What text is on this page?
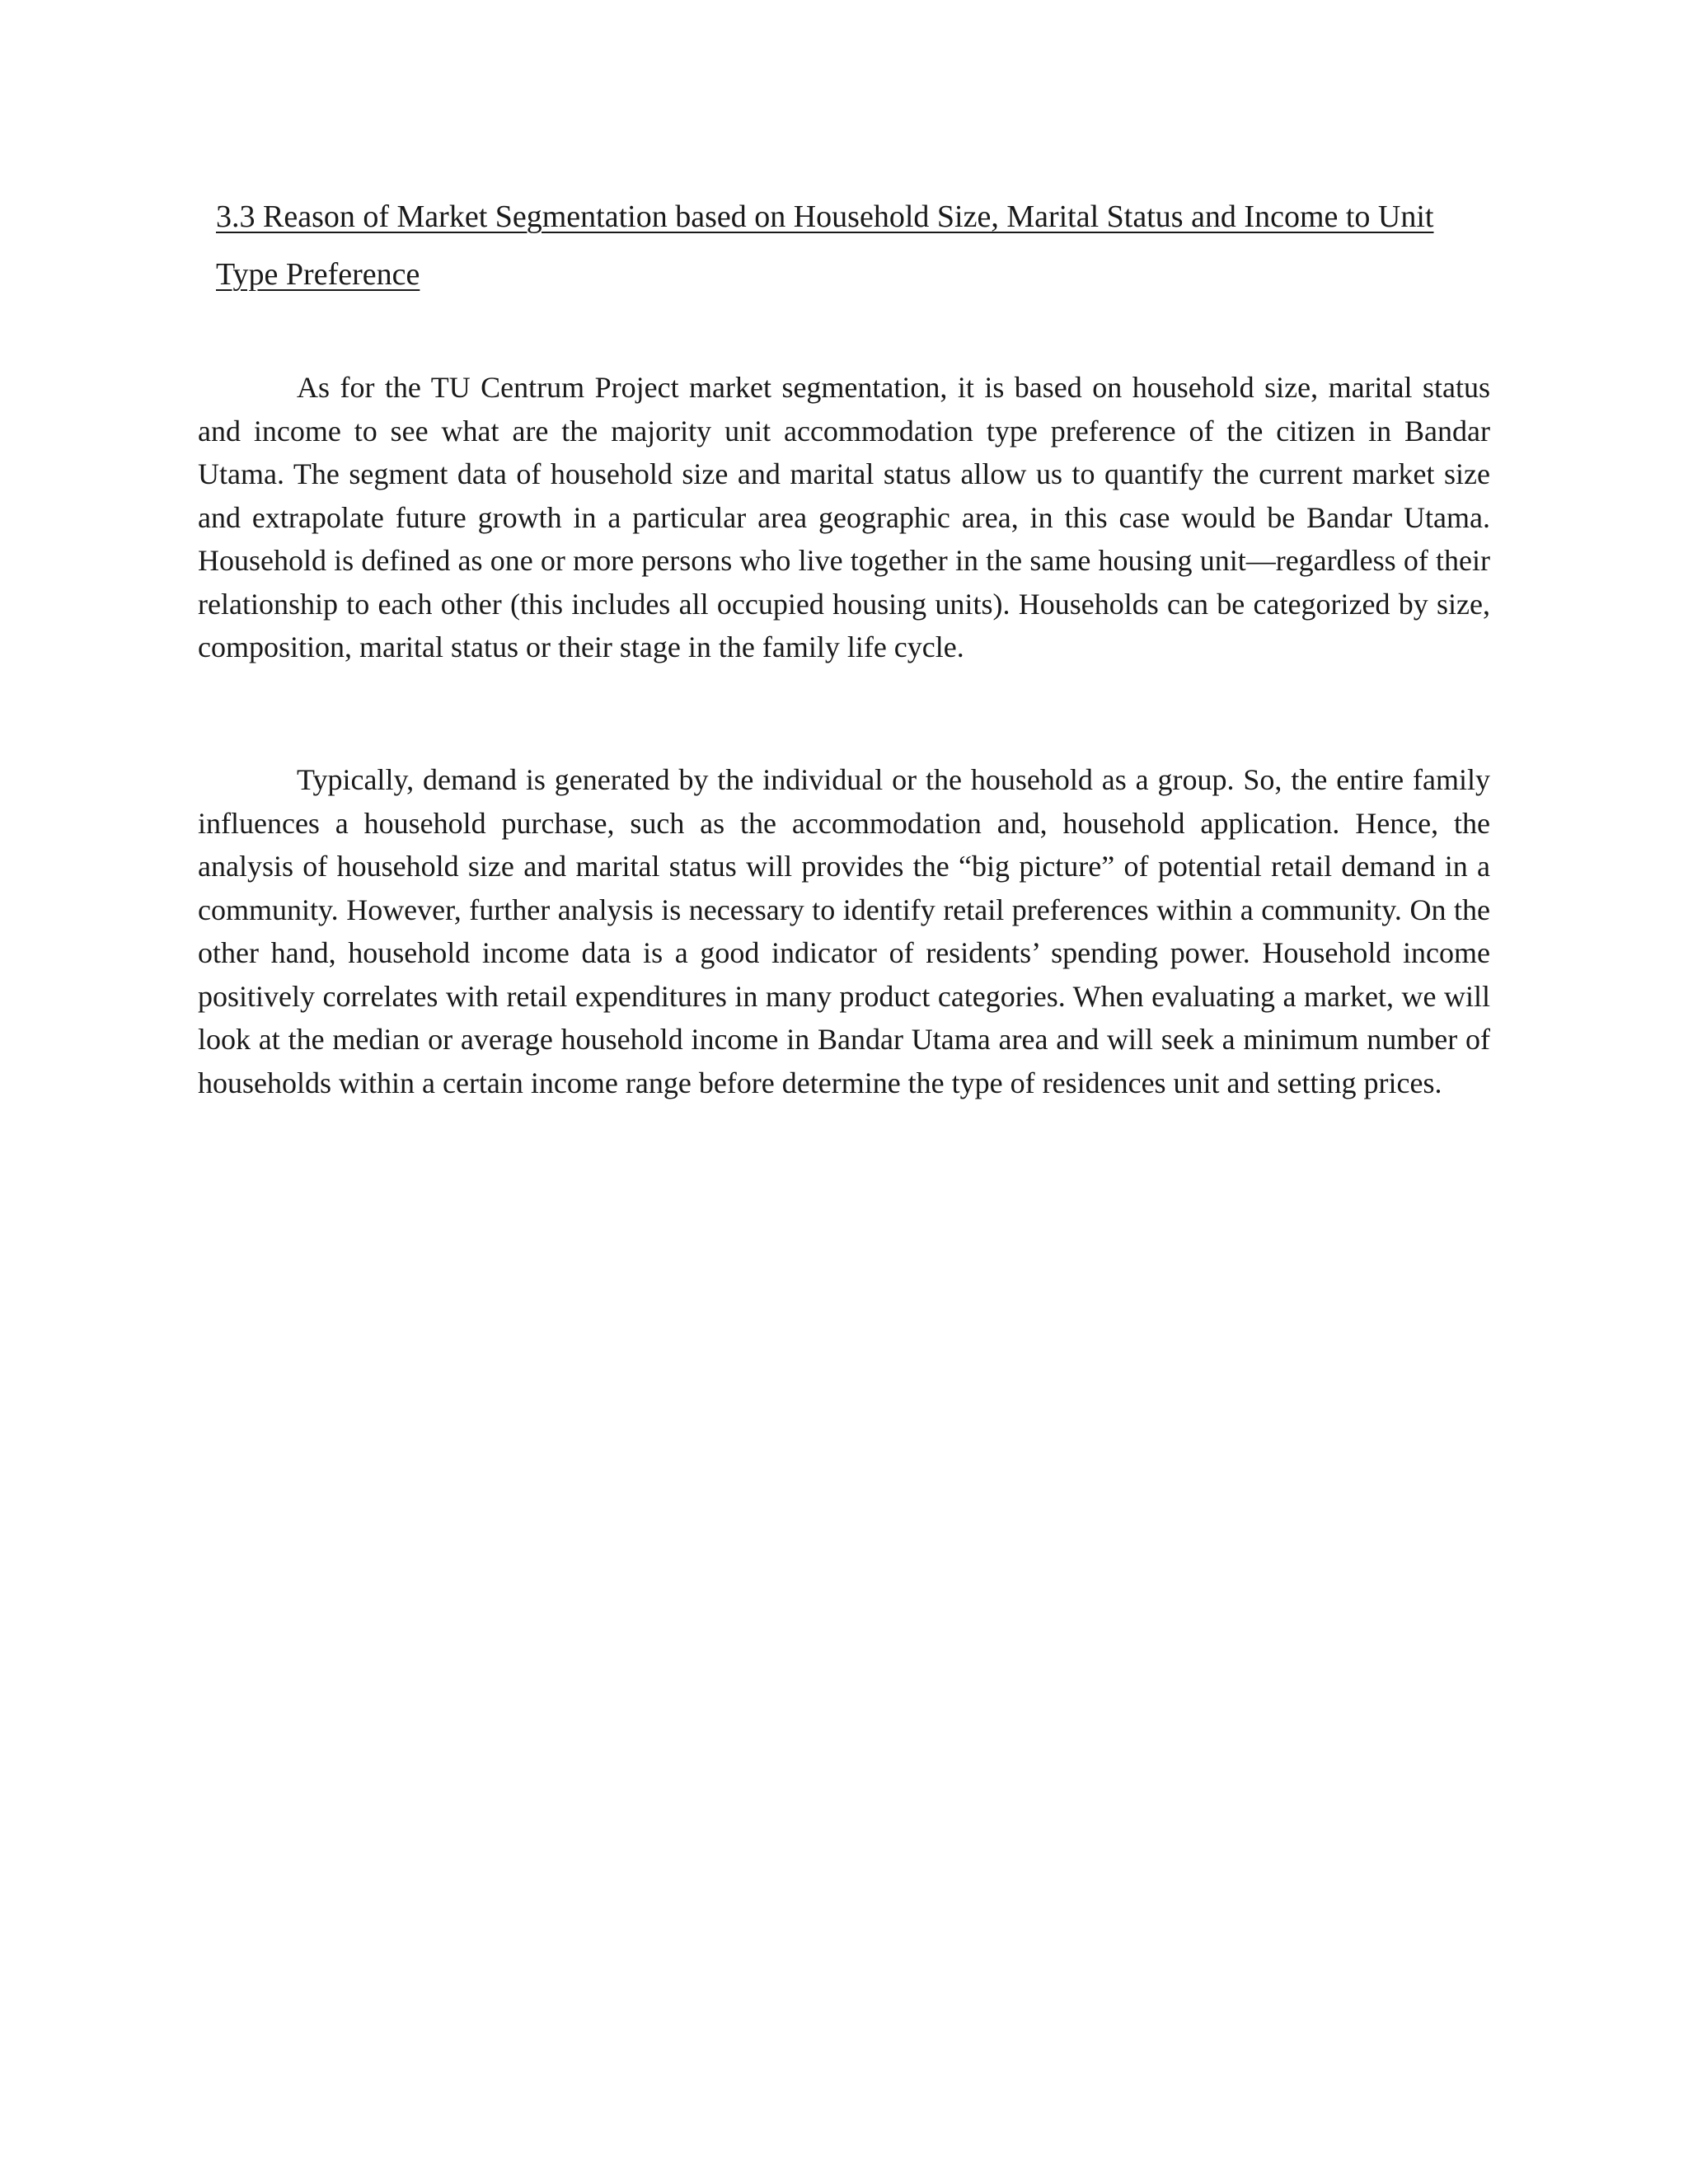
3.3 Reason of Market Segmentation based on Household Size, Marital Status and Income to Unit Type Preference

As for the TU Centrum Project market segmentation, it is based on household size, marital status and income to see what are the majority unit accommodation type preference of the citizen in Bandar Utama. The segment data of household size and marital status allow us to quantify the current market size and extrapolate future growth in a particular area geographic area, in this case would be Bandar Utama. Household is defined as one or more persons who live together in the same housing unit—regardless of their relationship to each other (this includes all occupied housing units). Households can be categorized by size, composition, marital status or their stage in the family life cycle.

Typically, demand is generated by the individual or the household as a group. So, the entire family influences a household purchase, such as the accommodation and, household application. Hence, the analysis of household size and marital status will provides the “big picture” of potential retail demand in a community. However, further analysis is necessary to identify retail preferences within a community. On the other hand, household income data is a good indicator of residents’ spending power. Household income positively correlates with retail expenditures in many product categories. When evaluating a market, we will look at the median or average household income in Bandar Utama area and will seek a minimum number of households within a certain income range before determine the type of residences unit and setting prices.
